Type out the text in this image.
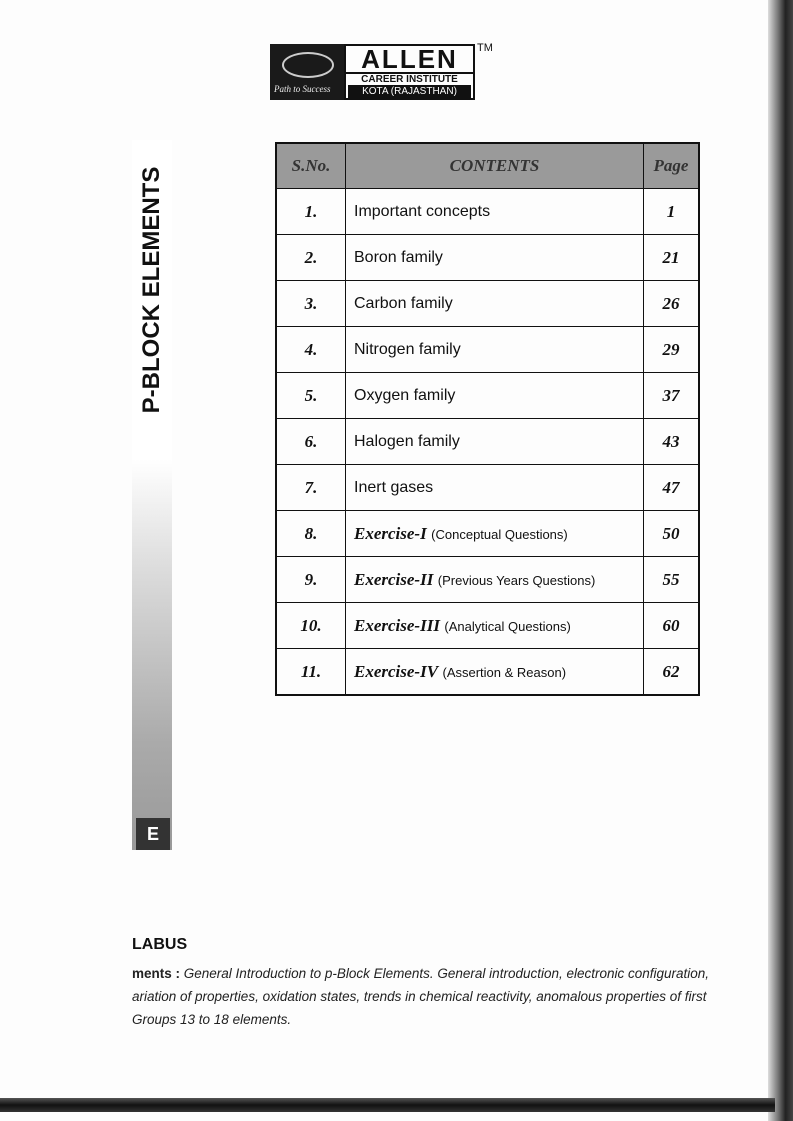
Path to Success
ALLEN
CAREER INSTITUTE
KOTA (RAJASTHAN)
TM
P-BLOCK ELEMENTS
E
S.No.	CONTENTS	Page
1.	Important concepts	1
2.	Boron family	21
3.	Carbon family	26
4.	Nitrogen family	29
5.	Oxygen family	37
6.	Halogen family	43
7.	Inert gases	47
8.	Exercise-I (Conceptual Questions)	50
9.	Exercise-II (Previous Years Questions)	55
10.	Exercise-III (Analytical Questions)	60
11.	Exercise-IV (Assertion & Reason)	62
LABUS
ments : General Introduction to p-Block Elements. General introduction, electronic configuration,
ariation of properties, oxidation states, trends in chemical reactivity, anomalous properties of first
Groups 13 to 18 elements.
